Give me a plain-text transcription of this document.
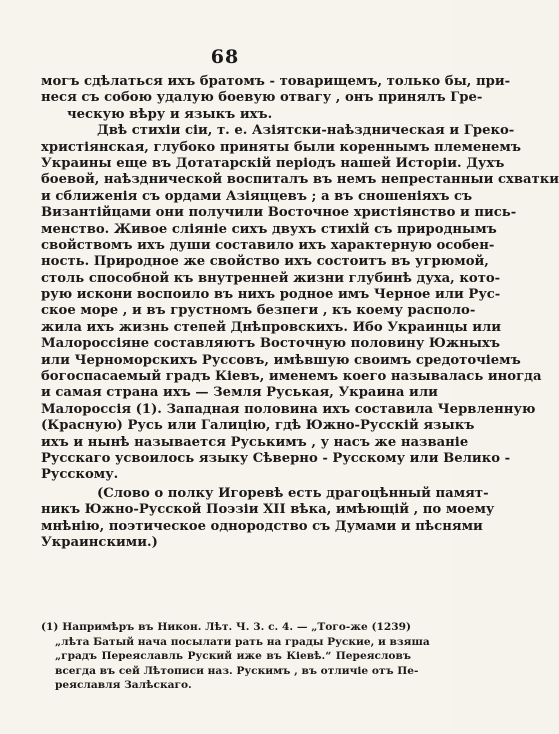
68
могъ сдѣлаться ихъ братомъ - товарищемъ, только бы, при-
неся съ собою удалую боевую отвагу , онъ принялъ Гре-
ческую вѣру и языкъ ихъ.
Двѣ стихіи сіи, т. е. Азіятски-наѣздническая и Греко-
христіянская, глубоко приняты были кореннымъ племенемъ
Украины еще въ Дотатарскій періодъ нашей Исторіи. Духъ
боевой, наѣзднической воспиталъ въ немъ непрестанныи схватки
и сближенія съ ордами Азіяццевъ ; а въ сношеніяхъ съ
Византійцами они получили Восточное христіянство и пись-
менство. Живое сліяніе сихъ двухъ стихій съ природнымъ
свойствомъ ихъ души составило ихъ характерную особен-
ность. Природное же свойство ихъ состоитъ въ угрюмой,
столь способной къ внутренней жизни глубинѣ духа, кото-
рую искони воспоило въ нихъ родное имъ Черное или Рус-
ское море , и въ грустномъ безпеги , къ коему располо-
жила ихъ жизнь степей Днѣпровскихъ. Ибо Украинцы или
Малороссіяне составляютъ Восточную половину Южныхъ
или Черноморскихъ Руссовъ, имѣвшую своимъ средоточіемъ
богоспасаемый градъ Кіевъ, именемъ коего называлась иногда
и самая страна ихъ — Земля Руськая, Украина или
Малороссія (1). Западная половина ихъ составила Червленную
(Красную) Русь или Галицію, гдѣ Южно-Русскій языкъ
ихъ и нынѣ называется Руськимъ , у насъ же названіе
Русскаго усвоилось языку Сѣверно - Русскому или Велико -
Русскому.
(Слово о полку Игоревѣ есть драгоцѣнный памят-
никъ Южно-Русской Поэзіи XII вѣка, имѣющій , по моему
мнѣнію, поэтическое однородство съ Думами и пѣснями
Украинскими.)
(1) Напримѣръ въ Никон. Лѣт. Ч. 3. с. 4. — „Того-же (1239)
„лѣта Батый нача посылати рать на грады Руские, и взяша
„градъ Переяславль Руский иже въ Кіевѣ.“ Переясловъ
всегда въ сей Лѣтописи наз. Рускимъ , въ отличіе отъ Пе-
реяславля Залѣскаго.
